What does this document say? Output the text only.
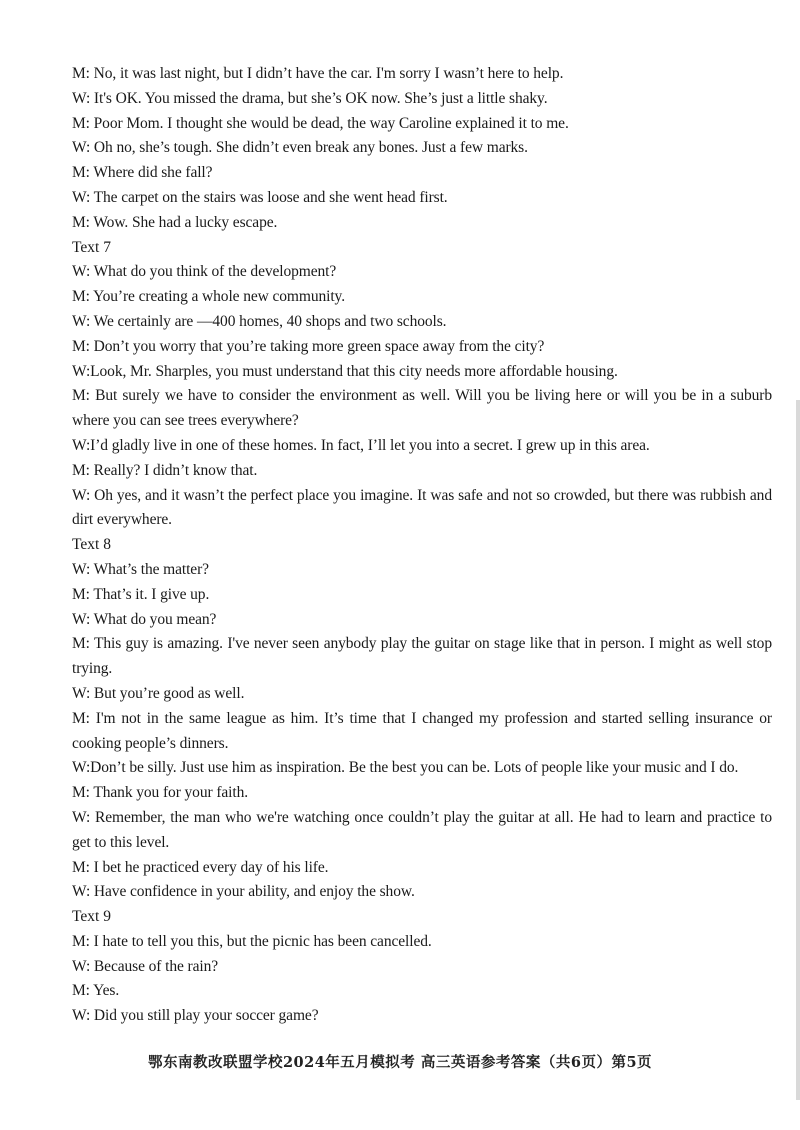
M: No, it was last night, but I didn’t have the car. I'm sorry I wasn’t here to help.
W: It's OK. You missed the drama, but she’s OK now. She’s just a little shaky.
M: Poor Mom. I thought she would be dead, the way Caroline explained it to me.
W: Oh no, she’s tough. She didn’t even break any bones. Just a few marks.
M: Where did she fall?
W: The carpet on the stairs was loose and she went head first.
M: Wow. She had a lucky escape.
Text 7
W: What do you think of the development?
M: You’re creating a whole new community.
W: We certainly are —400 homes, 40 shops and two schools.
M: Don’t you worry that you’re taking more green space away from the city?
W:Look, Mr. Sharples, you must understand that this city needs more affordable housing.
M: But surely we have to consider the environment as well. Will you be living here or will you be in a suburb where you can see trees everywhere?
W:I’d gladly live in one of these homes. In fact, I’ll let you into a secret. I grew up in this area.
M: Really? I didn’t know that.
W: Oh yes, and it wasn’t the perfect place you imagine. It was safe and not so crowded, but there was rubbish and dirt everywhere.
Text 8
W: What’s the matter?
M: That’s it. I give up.
W: What do you mean?
M: This guy is amazing. I've never seen anybody play the guitar on stage like that in person. I might as well stop trying.
W: But you’re good as well.
M: I'm not in the same league as him. It’s time that I changed my profession and started selling insurance or cooking people’s dinners.
W:Don’t be silly. Just use him as inspiration. Be the best you can be. Lots of people like your music and I do.
M: Thank you for your faith.
W: Remember, the man who we're watching once couldn’t play the guitar at all. He had to learn and practice to get to this level.
M: I bet he practiced every day of his life.
W: Have confidence in your ability, and enjoy the show.
Text 9
M: I hate to tell you this, but the picnic has been cancelled.
W: Because of the rain?
M: Yes.
W: Did you still play your soccer game?
鄂东南教改联盟学校2024年五月模拟考 高三英语参考答案（共6页）第5页
